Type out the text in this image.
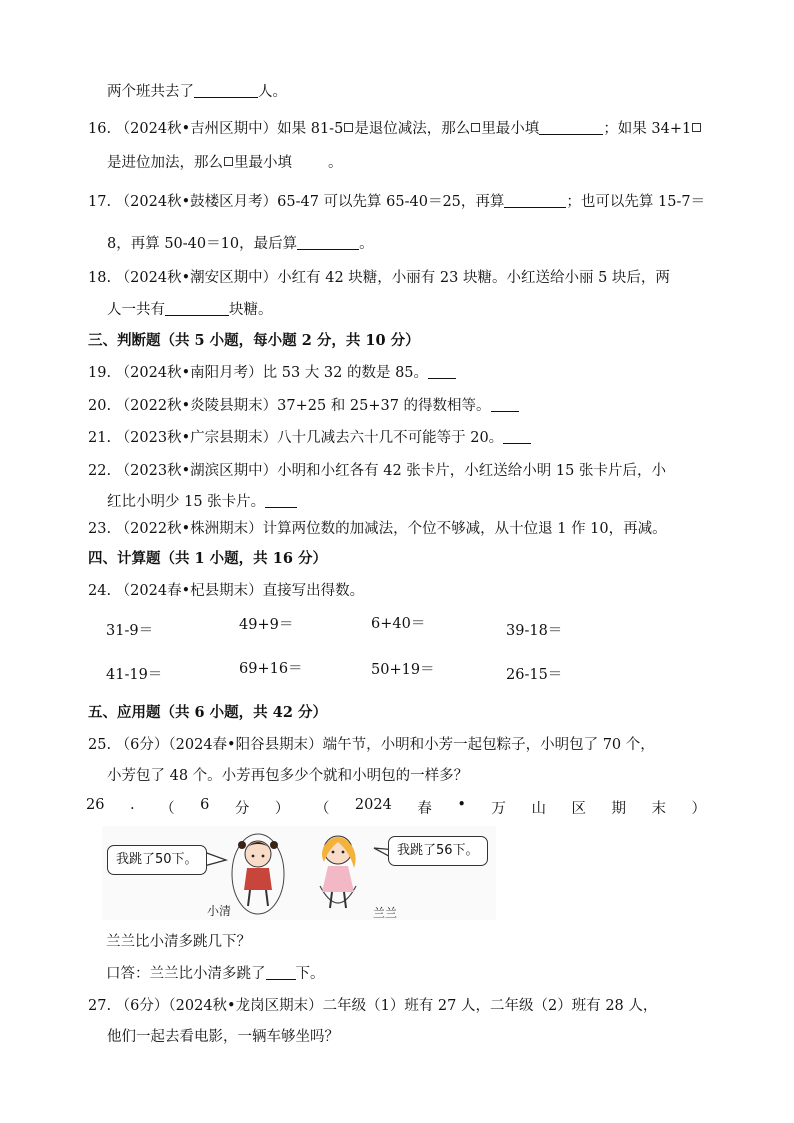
两个班共去了	人。
16. （2024秋•吉州区期中）如果 81-5 是退位减法，那么 里最小填	；如果 34+1
是进位加法，那么 里最小填 。
17. （2024秋•鼓楼区月考）65-47 可以先算 65-40＝25，再算	；也可以先算 15-7＝
8，再算 50-40＝10，最后算	。
18. （2024秋•潮安区期中）小红有 42 块糖，小丽有 23 块糖。小红送给小丽 5 块后，两
人一共有	块糖。
三、判断题（共 5 小题，每小题 2 分，共 10 分）
19. （2024秋•南阳月考）比 53 大 32 的数是 85。
20. （2022秋•炎陵县期末）37+25 和 25+37 的得数相等。
21. （2023秋•广宗县期末）八十几减去六十几不可能等于 20。
22. （2023秋•湖滨区期中）小明和小红各有 42 张卡片，小红送给小明 15 张卡片后，小
红比小明少 15 张卡片。
23. （2022秋•株洲期末）计算两位数的加减法，个位不够减，从十位退 1 作 10，再减。
四、计算题（共 1 小题，共 16 分）
24. （2024春•杞县期末）直接写出得数。
31-9＝	49+9＝	6+40＝	39-18＝
41-19＝	69+16＝	50+19＝	26-15＝
五、应用题（共 6 小题，共 42 分）
25. （6分）（2024春•阳谷县期末）端午节，小明和小芳一起包粽子，小明包了 70 个，
小芳包了 48 个。小芳再包多少个就和小明包的一样多？
26 . （ 6 分 ） （ 2024 春 • 万 山 区 期 末 ）
我跳了50下。
我跳了56下。
小清	兰兰
兰兰比小清多跳几下？
口答：兰兰比小清多跳了 下。
27. （6分）（2024秋•龙岗区期末）二年级（1）班有 27 人，二年级（2）班有 28 人，
他们一起去看电影，一辆车够坐吗？
